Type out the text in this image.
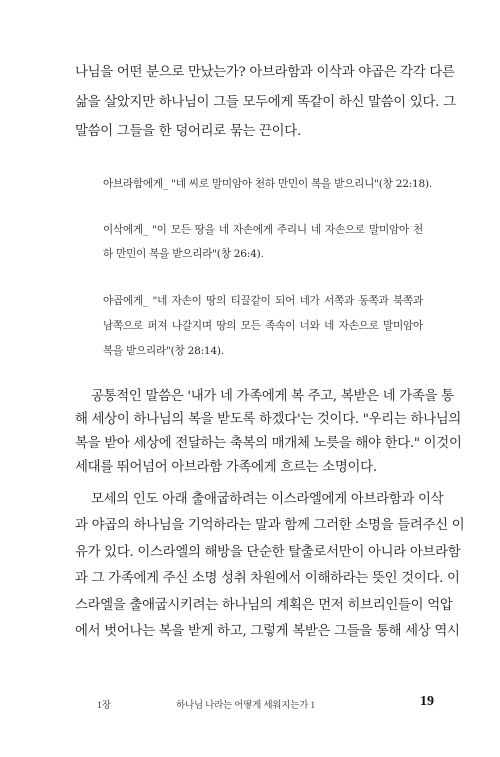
나님을 어떤 분으로 만났는가? 아브라함과 이삭과 야곱은 각각 다른
삶을 살았지만 하나님이 그들 모두에게 똑같이 하신 말씀이 있다. 그
말씀이 그들을 한 덩어리로 묶는 끈이다.
아브라함에게_ "네 씨로 말미암아 천하 만민이 복을 받으리니"(창 22:18).
이삭에게_ "이 모든 땅을 네 자손에게 주리니 네 자손으로 말미암아 천
하 만민이 복을 받으리라"(창 26:4).
야곱에게_ "네 자손이 땅의 티끌같이 되어 네가 서쪽과 동쪽과 북쪽과
남쪽으로 퍼져 나갈지며 땅의 모든 족속이 너와 네 자손으로 말미암아
복을 받으리라"(창 28:14).
공통적인 말씀은 '내가 네 가족에게 복 주고, 복받은 네 가족을 통
해 세상이 하나님의 복을 받도록 하겠다'는 것이다. "우리는 하나님의
복을 받아 세상에 전달하는 축복의 매개체 노릇을 해야 한다." 이것이
세대를 뛰어넘어 아브라함 가족에게 흐르는 소명이다.
모세의 인도 아래 출애굽하려는 이스라엘에게 아브라함과 이삭
과 야곱의 하나님을 기억하라는 말과 함께 그러한 소명을 들려주신 이
유가 있다. 이스라엘의 해방을 단순한 탈출로서만이 아니라 아브라함
과 그 가족에게 주신 소명 성취 차원에서 이해하라는 뜻인 것이다. 이
스라엘을 출애굽시키려는 하나님의 계획은 먼저 히브리인들이 억압
에서 벗어나는 복을 받게 하고, 그렇게 복받은 그들을 통해 세상 역시
1장	하나님 나라는 어떻게 세워지는가 1	19
